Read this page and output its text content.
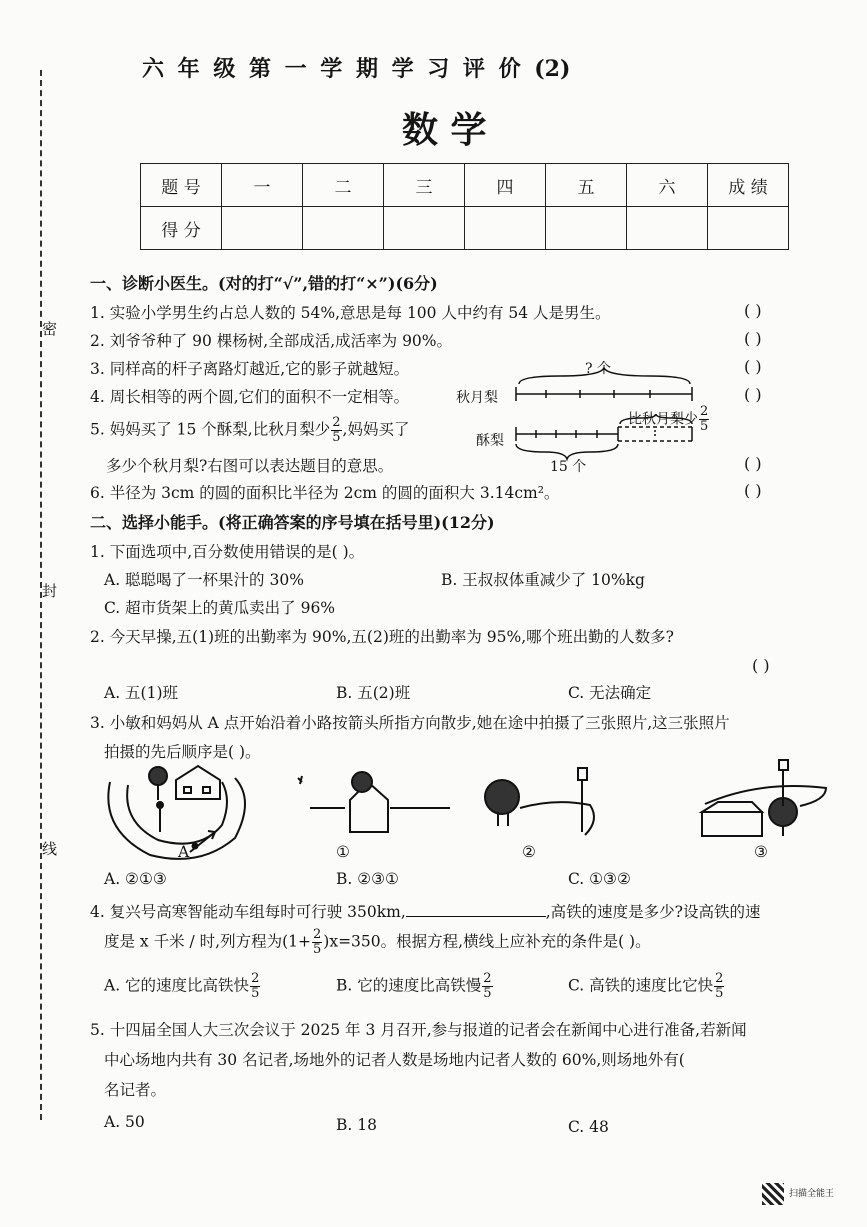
密
封
线
六 年 级 第 一 学 期 学 习 评 价 (2)
数 学
题 号	一	二	三	四	五	六	成 绩
得 分							
一、诊断小医生。(对的打“√”,错的打“×”)(6分)
1. 实验小学男生约占总人数的 54%,意思是每 100 人中约有 54 人是男生。
2. 刘爷爷种了 90 棵杨树,全部成活,成活率为 90%。
3. 同样高的杆子离路灯越近,它的影子就越短。
4. 周长相等的两个圆,它们的面积不一定相等。
5. 妈妈买了 15 个酥梨,比秋月梨少 $\frac{2}{5}$ ,妈妈买了
多少个秋月梨?右图可以表达题目的意思。
6. 半径为 3cm 的圆的面积比半径为 2cm 的圆的面积大 3.14cm²。
( )
( )
( )
( )
( )
( )
? 个
秋月梨
酥梨
15 个
比秋月梨少 $\frac{2}{5}$
二、选择小能手。(将正确答案的序号填在括号里)(12分)
1. 下面选项中,百分数使用错误的是( )。
A. 聪聪喝了一杯果汁的 30%	B. 王叔叔体重减少了 10%kg
C. 超市货架上的黄瓜卖出了 96%
2. 今天早操,五(1)班的出勤率为 90%,五(2)班的出勤率为 95%,哪个班出勤的人数多?
( )
A. 五(1)班	B. 五(2)班	C. 无法确定
3. 小敏和妈妈从 A 点开始沿着小路按箭头所指方向散步,她在途中拍摄了三张照片,这三张照片
拍摄的先后顺序是( )。
A	①	②	③
A. ②①③	B. ②③①	C. ①③②
4. 复兴号高寒智能动车组每时可行驶 350km,	,高铁的速度是多少?设高铁的速
度是 x 千米 / 时,列方程为$(1+ \frac{2}{5} )x=350$。根据方程,横线上应补充的条件是( )。
A. 它的速度比高铁快 $\frac{2}{5}$	B. 它的速度比高铁慢 $\frac{2}{5}$	C. 高铁的速度比它快 $\frac{2}{5}$
5. 十四届全国人大三次会议于 2025 年 3 月召开,参与报道的记者会在新闻中心进行准备,若新闻
中心场地内共有 30 名记者,场地外的记者人数是场地内记者人数的 60%,则场地外有(
名记者。
A. 50	B. 18	C. 48
扫描全能王
